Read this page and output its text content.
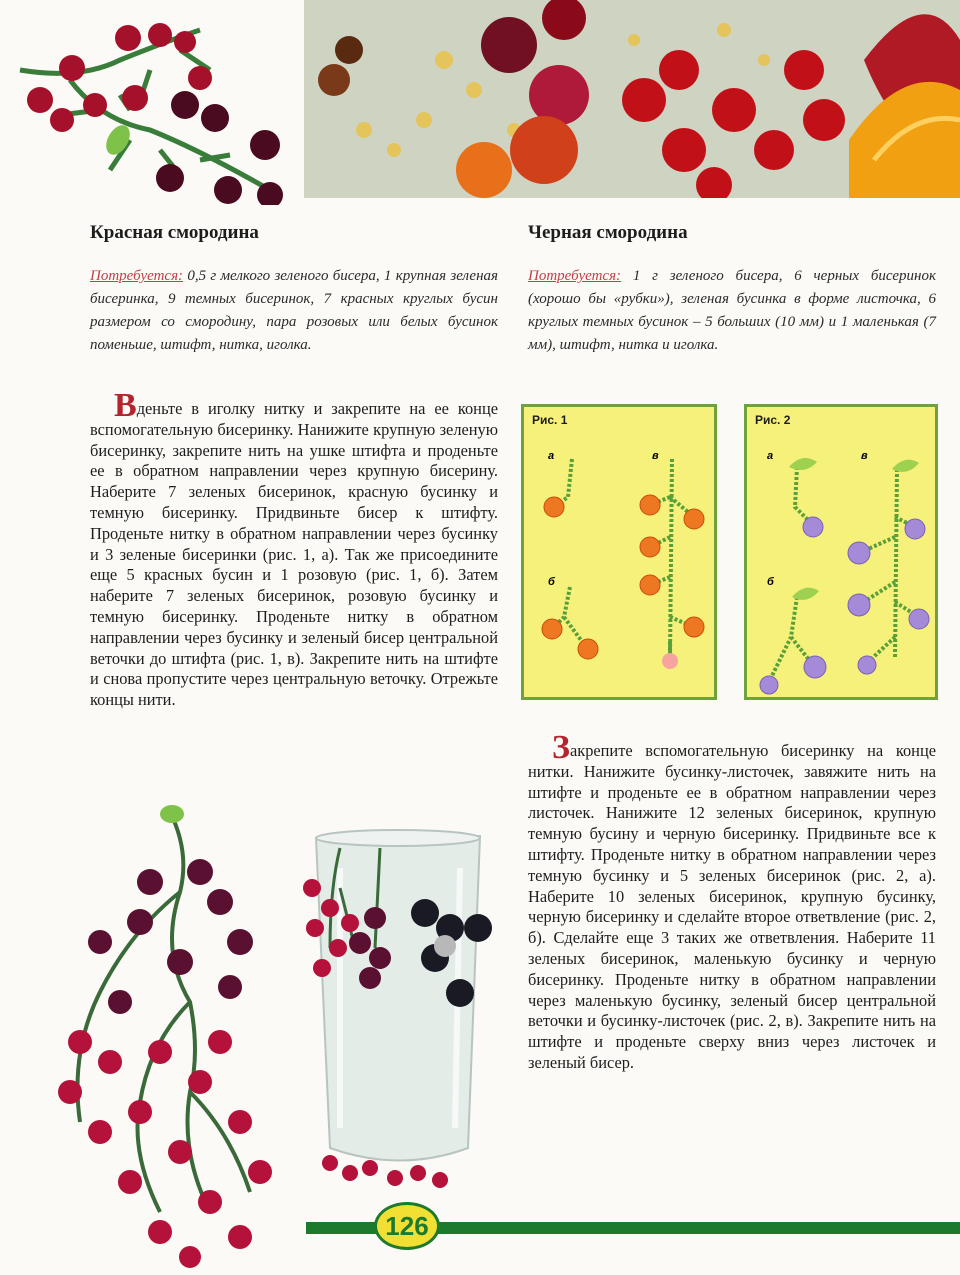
Красная смородина
Потребуется: 0,5 г мелкого зеленого бисера, 1 крупная зеленая бисеринка, 9 темных бисеринок, 7 красных круглых бусин размером со смородину, пара розовых или белых бусинок поменьше, штифт, нитка, иголка.
Вденьте в иголку нитку и закрепите на ее конце вспомогательную бисеринку. Нанижите крупную зеленую бисеринку, закрепите нить на ушке штифта и проденьте ее в обратном направлении через крупную бисерину. Наберите 7 зеленых бисеринок, красную бусинку и темную бисеринку. Придвиньте бисер к штифту. Проденьте нитку в обратном направлении через бусинку и 3 зеленые бисеринки (рис. 1, а). Так же присоедините еще 5 красных бусин и 1 розовую (рис. 1, б). Затем наберите 7 зеленых бисеринок, розовую бусинку и темную бисеринку. Проденьте нитку в обратном направлении через бусинку и зеленый бисер центральной веточки до штифта (рис. 1, в). Закрепите нить на штифте и снова пропустите через центральную веточку. Отрежьте концы нити.
Черная смородина
Потребуется: 1 г зеленого бисера, 6 черных бисеринок (хорошо бы «рубки»), зеленая бусинка в форме листочка, 6 круглых темных бусинок – 5 больших (10 мм) и 1 маленькая (7 мм), штифт, нитка и иголка.
Рис. 1
а	в
б
Рис. 2
а	в
б
Закрепите вспомогательную бисеринку на конце нитки. Нанижите бусинку-листочек, завяжите нить на штифте и проденьте ее в обратном направлении через листочек. Нанижите 12 зеленых бисеринок, крупную темную бусину и черную бисеринку. Придвиньте все к штифту. Проденьте нитку в обратном направлении через темную бусинку и 5 зеленых бисеринок (рис. 2, а). Наберите 10 зеленых бисеринок, крупную бусинку, черную бисеринку и сделайте второе ответвление (рис. 2, б). Сделайте еще 3 таких же ответвления. Наберите 11 зеленых бисеринок, маленькую бусинку и черную бисеринку. Проденьте нитку в обратном направлении через маленькую бусинку, зеленый бисер центральной веточки и бусинку-листочек (рис. 2, в). Закрепите нить на штифте и проденьте сверху вниз через листочек и зеленый бисер.
126
